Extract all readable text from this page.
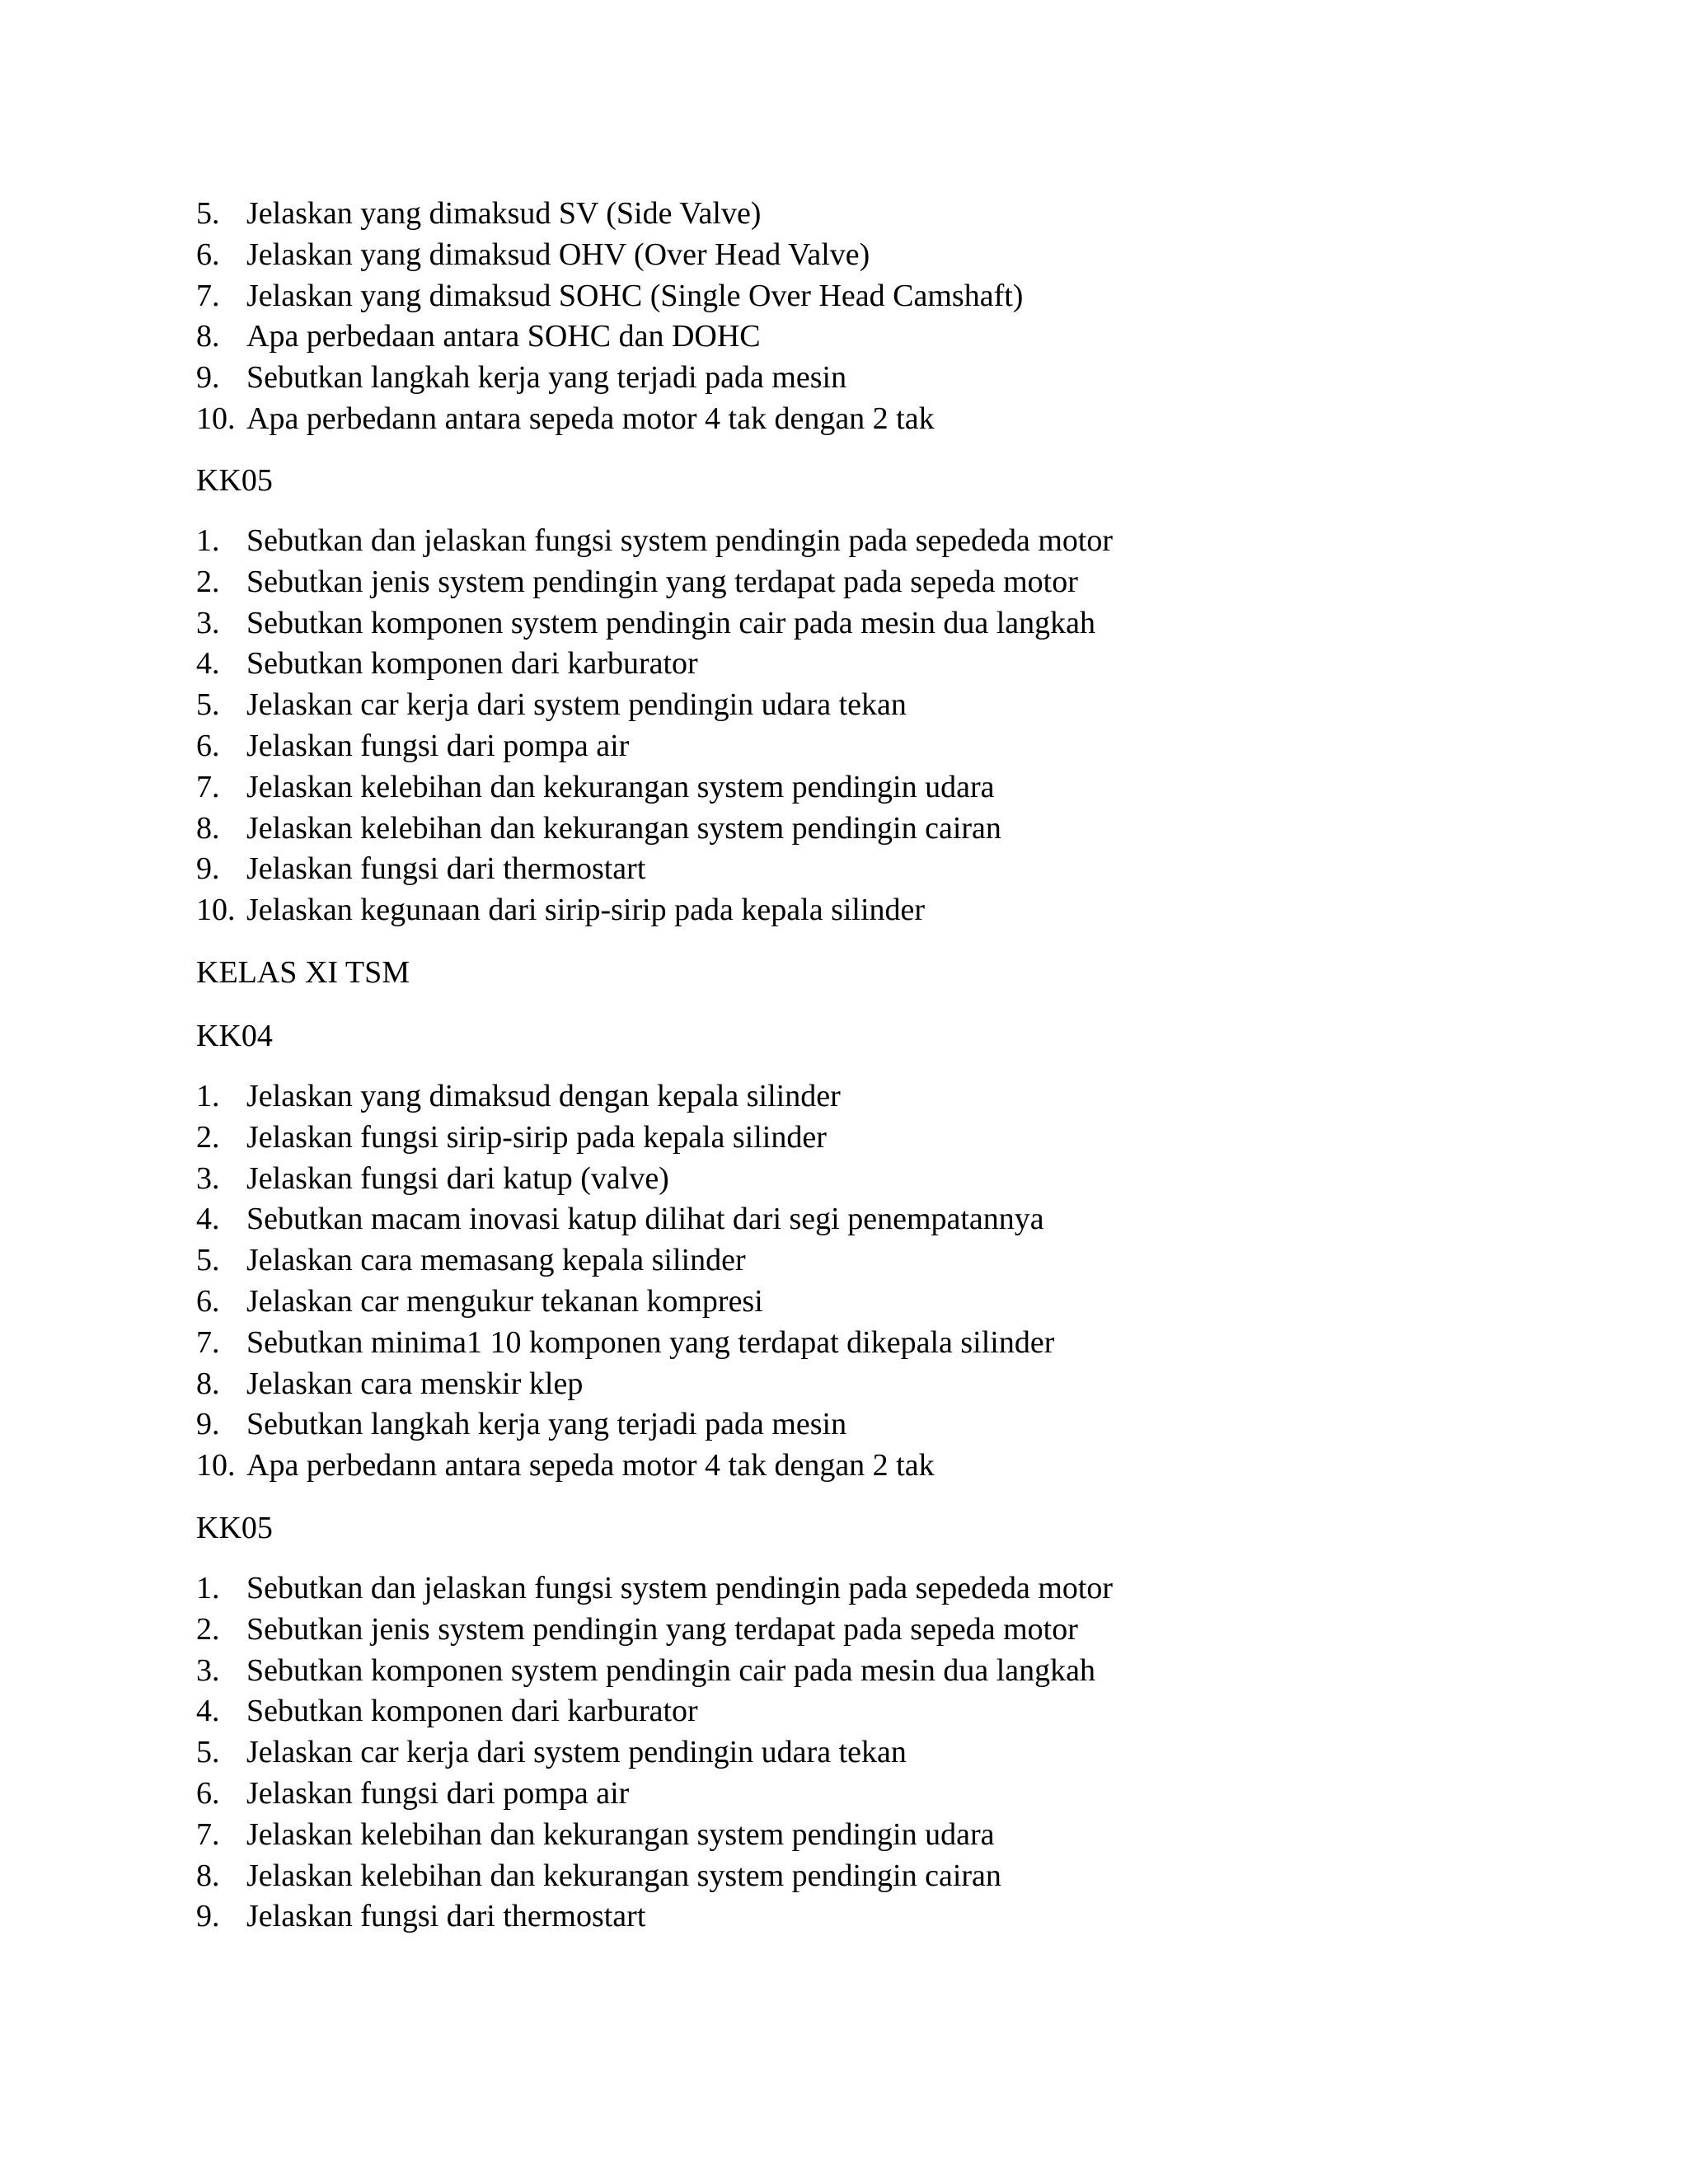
5. Jelaskan yang dimaksud SV (Side Valve)
6. Jelaskan yang dimaksud OHV (Over Head Valve)
7. Jelaskan yang dimaksud SOHC (Single Over Head Camshaft)
8. Apa perbedaan antara SOHC dan DOHC
9. Sebutkan langkah kerja yang terjadi pada mesin
10. Apa perbedann antara sepeda motor 4 tak dengan 2 tak
KK05
1. Sebutkan dan jelaskan fungsi system pendingin pada sepededa motor
2. Sebutkan jenis system pendingin yang terdapat pada sepeda motor
3. Sebutkan komponen system pendingin cair pada mesin dua langkah
4. Sebutkan komponen dari karburator
5. Jelaskan car kerja dari system pendingin udara tekan
6. Jelaskan fungsi dari pompa air
7. Jelaskan kelebihan dan kekurangan system pendingin udara
8. Jelaskan kelebihan dan kekurangan system pendingin cairan
9. Jelaskan fungsi dari thermostart
10. Jelaskan kegunaan dari sirip-sirip pada kepala silinder
KELAS XI TSM
KK04
1. Jelaskan yang dimaksud dengan kepala silinder
2. Jelaskan fungsi sirip-sirip pada kepala silinder
3. Jelaskan fungsi dari katup (valve)
4. Sebutkan macam inovasi katup dilihat dari segi penempatannya
5. Jelaskan cara memasang kepala silinder
6. Jelaskan car mengukur tekanan kompresi
7. Sebutkan minima1 10 komponen yang terdapat dikepala silinder
8. Jelaskan cara menskir klep
9. Sebutkan langkah kerja yang terjadi pada mesin
10. Apa perbedann antara sepeda motor 4 tak dengan 2 tak
KK05
1. Sebutkan dan jelaskan fungsi system pendingin pada sepededa motor
2. Sebutkan jenis system pendingin yang terdapat pada sepeda motor
3. Sebutkan komponen system pendingin cair pada mesin dua langkah
4. Sebutkan komponen dari karburator
5. Jelaskan car kerja dari system pendingin udara tekan
6. Jelaskan fungsi dari pompa air
7. Jelaskan kelebihan dan kekurangan system pendingin udara
8. Jelaskan kelebihan dan kekurangan system pendingin cairan
9. Jelaskan fungsi dari thermostart
